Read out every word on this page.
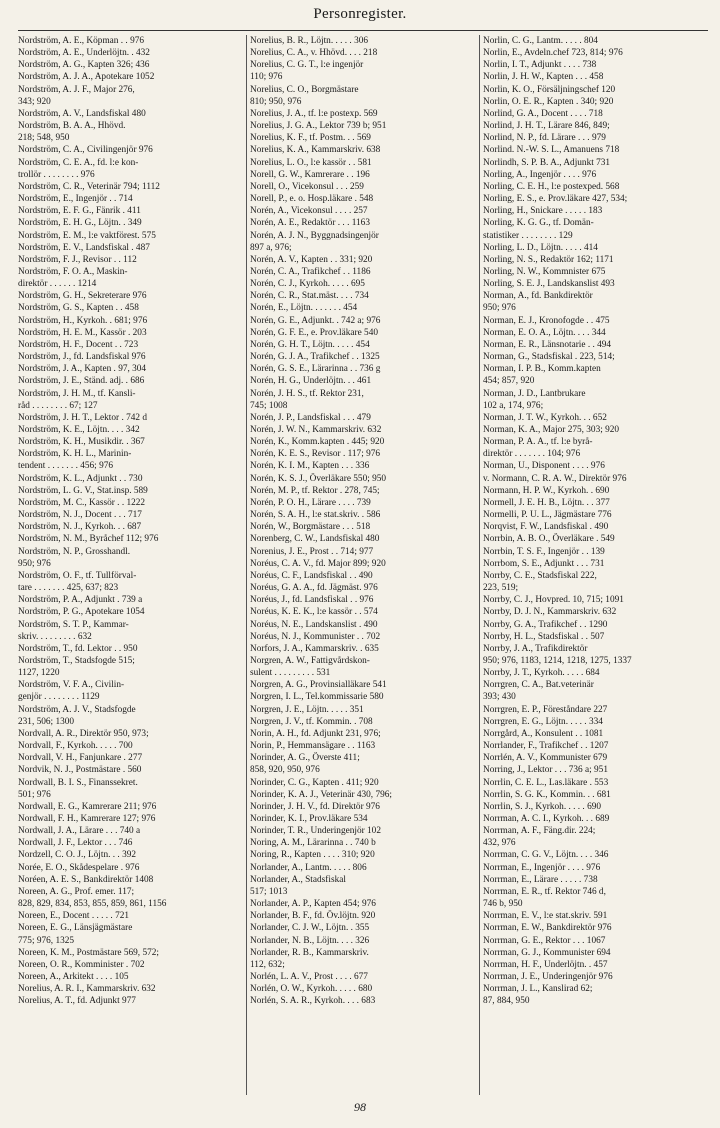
Personregister.
Nordström, A. E., Köpman . . 976
Nordström, A. E., Underlöjtn. . 432
Nordström, A. G., Kapten 326; 436
Nordström, A. J. A., Apotekare 1052
Nordström, A. J. F., Major 276,
343; 920
Nordström, A. V., Landsfiskal 480
Nordström, B. A. A., Hhövd.
218; 548, 950
Nordström, C. A., Civilingenjör 976
Nordström, C. E. A., fd. l:e kon-
trollör . . . . . . . . 976
Nordström, C. R., Veterinär 794; 1112
Nordström, E., Ingenjör . . 714
Nordström, E. F. G., Fänrik . 411
Nordström, E. H. G., Löjtn. . 349
Nordström, E. M., l:e vaktförest. 575
Nordström, E. V., Landsfiskal . 487
Nordström, F. J., Revisor . . 112
Nordström, F. O. A., Maskin-
direktör . . . . . . 1214
Nordström, G. H., Sekreterare 976
Nordström, G. S., Kapten . . 458
Nordström, H., Kyrkoh. . 681; 976
Nordström, H. E. M., Kassör . 203
Nordström, H. F., Docent . . 723
Nordström, J., fd. Landsfiskal 976
Nordström, J. A., Kapten . 97, 304
Nordström, J. E., Ständ. adj. . 686
Nordström, J. H. M., tf. Kansli-
råd . . . . . . . . 67; 127
Nordström, J. H. T., Lektor . 742 d
Nordström, K. E., Löjtn. . . . 342
Nordström, K. H., Musikdir. . 367
Nordström, K. H. L., Marinin-
tendent . . . . . . . 456; 976
Nordström, K. L., Adjunkt . . 730
Nordström, L. G. V., Stat.insp. 589
Nordström, M. C., Kassör . . 1222
Nordström, N. J., Docent . . . 717
Nordström, N. J., Kyrkoh. . . 687
Nordström, N. M., Byråchef 112; 976
Nordström, N. P., Grosshandl.
950; 976
Nordström, O. F., tf. Tullförval-
tare . . . . . . . 425, 637; 823
Nordström, P. A., Adjunkt . 739 a
Nordström, P. G., Apotekare 1054
Nordström, S. T. P., Kammar-
skriv. . . . . . . . . 632
Nordström, T., fd. Lektor . . 950
Nordström, T., Stadsfogde 515;
1127, 1220
Nordström, V. F. A., Civilin-
genjör . . . . . . . . 1129
Nordström, A. J. V., Stadsfogde
231, 506; 1300
Nordvall, A. R., Direktör 950, 973;
Nordvall, F., Kyrkoh. . . . . 700
Nordvall, V. H., Fanjunkare . 277
Nordvik, N. J., Postmästare . 560
Nordwall, B. I. S., Finanssekret.
501; 976
Nordwall, E. G., Kamrerare 211; 976
Nordwall, F. H., Kamrerare 127; 976
Nordwall, J. A., Lärare . . . 740 a
Nordwall, J. F., Lektor . . . 746
Nordzell, C. O. J., Löjtn. . . 392
Norée, E. O., Skådespelare . 976
Noréen, A. E. S., Bankdirektör 1408
Noreen, A. G., Prof. emer. 117;
828, 829, 834, 853, 855, 859, 861, 1156
Noreen, E., Docent . . . . . 721
Noreen, E. G., Länsjägmästare
775; 976, 1325
Noreen, K. M., Postmästare 569, 572;
Noreen, O. R., Komminister . 702
Noreen, A., Arkitekt . . . . 105
Norelius, A. R. I., Kammarskriv. 632
Norelius, A. T., fd. Adjunkt 977
Norelius, B. R., Löjtn. . . . . 306
Norelius, C. A., v. Hhövd. . . . 218
Norelius, C. G. T., l:e ingenjör
110; 976
Norelius, C. O., Borgmästare
810; 950, 976
Norelius, J. A., tf. l:e postexp. 569
Norelius, J. G. A., Lektor 739 b; 951
Norelius, K. F., tf. Postm. . . 569
Norelius, K. A., Kammarskriv. 638
Norelius, L. O., l:e kassör . . 581
Norell, G. W., Kamrerare . . 196
Norell, O., Vicekonsul . . . 259
Norell, P., e. o. Hosp.läkare . 548
Norén, A., Vicekonsul . . . . 257
Norén, A. E., Redaktör . . . 1163
Norén, A. J. N., Byggnadsingenjör
897 a, 976;
Norén, A. V., Kapten . . 331; 920
Norén, C. A., Trafikchef . . 1186
Norén, C. J., Kyrkoh. . . . . 695
Norén, C. R., Stat.mäst. . . . 734
Norén, E., Löjtn. . . . . . . 454
Norén, G. E., Adjunkt. . 742 a; 976
Norén, G. F. E., e. Prov.läkare 540
Norén, G. H. T., Löjtn. . . . . 454
Norén, G. J. A., Trafikchef . . 1325
Norén, G. S. E., Lärarinna . . 736 g
Norén, H. G., Underlöjtn. . . 461
Norén, J. H. S., tf. Rektor 231,
745; 1008
Norén, J. P., Landsfiskal . . . 479
Norén, J. W. N., Kammarskriv. 632
Norén, K., Komm.kapten . 445; 920
Norén, K. E. S., Revisor . 117; 976
Norén, K. I. M., Kapten . . . 336
Norén, K. S. J., Överläkare 550; 950
Norén, M. P., tf. Rektor . 278, 745;
Norén, P. O. H., Lärare . . . . 739
Norén, S. A. H., l:e stat.skriv. . 586
Norén, W., Borgmästare . . . 518
Norenberg, C. W., Landsfiskal 480
Norenius, J. E., Prost . . 714; 977
Noréus, C. A. V., fd. Major 899; 920
Noréus, C. F., Landsfiskal . . 490
Noréus, G. A. A., fd. Jägmäst. 976
Noréus, J., fd. Landsfiskal . . 976
Noréus, K. E. K., l:e kassör . . 574
Noréus, N. E., Landskanslist . 490
Noréus, N. J., Kommunister . . 702
Norfors, J. A., Kammarskriv. . 635
Norgren, A. W., Fattigvårdskon-
sulent . . . . . . . . . 531
Norgren, A. G., Provinsialläkare 541
Norgren, I. L., Tel.kommissarie 580
Norgren, J. E., Löjtn. . . . . 351
Norgren, J. V., tf. Kommin. . 708
Norin, A. H., fd. Adjunkt 231, 976;
Norin, P., Hemmansägare . . 1163
Norinder, A. G., Överste 411;
858, 920, 950, 976
Norinder, C. G., Kapten . 411; 920
Norinder, K. A. J., Veterinär 430, 796;
Norinder, J. H. V., fd. Direktör 976
Norinder, K. I., Prov.läkare 534
Norinder, T. R., Underingenjör 102
Noring, A. M., Lärarinna . . 740 b
Noring, R., Kapten . . . . 310; 920
Norlander, A., Lantm. . . . . 806
Norlander, A., Stadsfiskal
517; 1013
Norlander, A. P., Kapten 454; 976
Norlander, B. F., fd. Öv.löjtn. 920
Norlander, C. J. W., Löjtn. . 355
Norlander, N. B., Löjtn. . . . 326
Norlander, R. B., Kammarskriv.
112, 632;
Norlén, L. A. V., Prost . . . . 677
Norlén, O. W., Kyrkoh. . . . . 680
Norlén, S. A. R., Kyrkoh. . . . 683
Norlin, C. G., Lantm. . . . . 804
Norlin, E., Avdeln.chef 723, 814; 976
Norlin, I. T., Adjunkt . . . . 738
Norlin, J. H. W., Kapten . . . 458
Norlin, K. O., Försäljningschef 120
Norlin, O. E. R., Kapten . 340; 920
Norlind, G. A., Docent . . . . 718
Norlind, J. H. T., Lärare 846, 849;
Norlind, N. P., fd. Lärare . . . 979
Norlind. N.-W. S. L., Amanuens 718
Norlindh, S. P. B. A., Adjunkt 731
Norling, A., Ingenjör . . . . 976
Norling, C. E. H., l:e postexped. 568
Norling, E. S., e. Prov.läkare 427, 534;
Norling, H., Snickare . . . . . 183
Norling, K. G. G., tf. Domän-
statistiker . . . . . . . . 129
Norling, L. D., Löjtn. . . . . 414
Norling, N. S., Redaktör 162; 1171
Norling, N. W., Kommnister 675
Norling, S. E. J., Landskanslist 493
Norman, A., fd. Bankdirektör
950; 976
Norman, E. J., Kronofogde . . 475
Norman, E. O. A., Löjtn. . . . 344
Norman, E. R., Länsnotarie . . 494
Norman, G., Stadsfiskal . 223, 514;
Norman, I. P. B., Komm.kapten
454; 857, 920
Norman, J. D., Lantbrukare
102 a, 174, 976;
Norman, J. T. W., Kyrkoh. . . 652
Norman, K. A., Major 275, 303; 920
Norman, P. A. A., tf. l:e byrå-
direktör . . . . . . . 104; 976
Norman, U., Disponent . . . . 976
v. Normann, C. R. A. W., Direktör 976
Normann, H. P. W., Kyrkoh. . 690
Normell, J. E. H. B., Löjtn. . . 377
Normelli, P. U. L., Jägmästare 776
Norqvist, F. W., Landsfiskal . 490
Norrbin, A. B. O., Överläkare . 549
Norrbin, T. S. F., Ingenjör . . 139
Norrbom, S. E., Adjunkt . . . 731
Norrby, C. E., Stadsfiskal 222,
223, 519;
Norrby, C. J., Hovpred. 10, 715; 1091
Norrby, D. J. N., Kammarskriv. 632
Norrby, G. A., Trafikchef . . 1290
Norrby, H. L., Stadsfiskal . . 507
Norrby, J. A., Trafikdirektör
950; 976, 1183, 1214, 1218, 1275, 1337
Norrby, J. T., Kyrkoh. . . . . 684
Norrgren, C. A., Bat.veterinär
393; 430
Norrgren, E. P., Föreståndare 227
Norrgren, E. G., Löjtn. . . . . 334
Norrgård, A., Konsulent . . 1081
Norrlander, F., Trafikchef . . 1207
Norrlén, A. V., Kommunister 679
Norring, J., Lektor . . . 736 a; 951
Norrlin, C. E. L., Las.läkare . 553
Norrlin, S. G. K., Kommin. . . 681
Norrlin, S. J., Kyrkoh. . . . . 690
Norrman, A. C. I., Kyrkoh. . . 689
Norrman, A. F., Fäng.dir. 224;
432, 976
Norrman, C. G. V., Löjtn. . . . 346
Norrman, E., Ingenjör . . . . 976
Norrman, E., Lärare . . . . . 738
Norrman, E. R., tf. Rektor 746 d,
746 b, 950
Norrman, E. V., l:e stat.skriv. 591
Norrman, E. W., Bankdirektör 976
Norrman, G. E., Rektor . . . 1067
Norrman, G. J., Kommunister 694
Norrman, H. F., Underlöjtn. . 457
Norrman, J. E., Underingenjör 976
Norrman, J. L., Kanslirad 62;
87, 884, 950
98
